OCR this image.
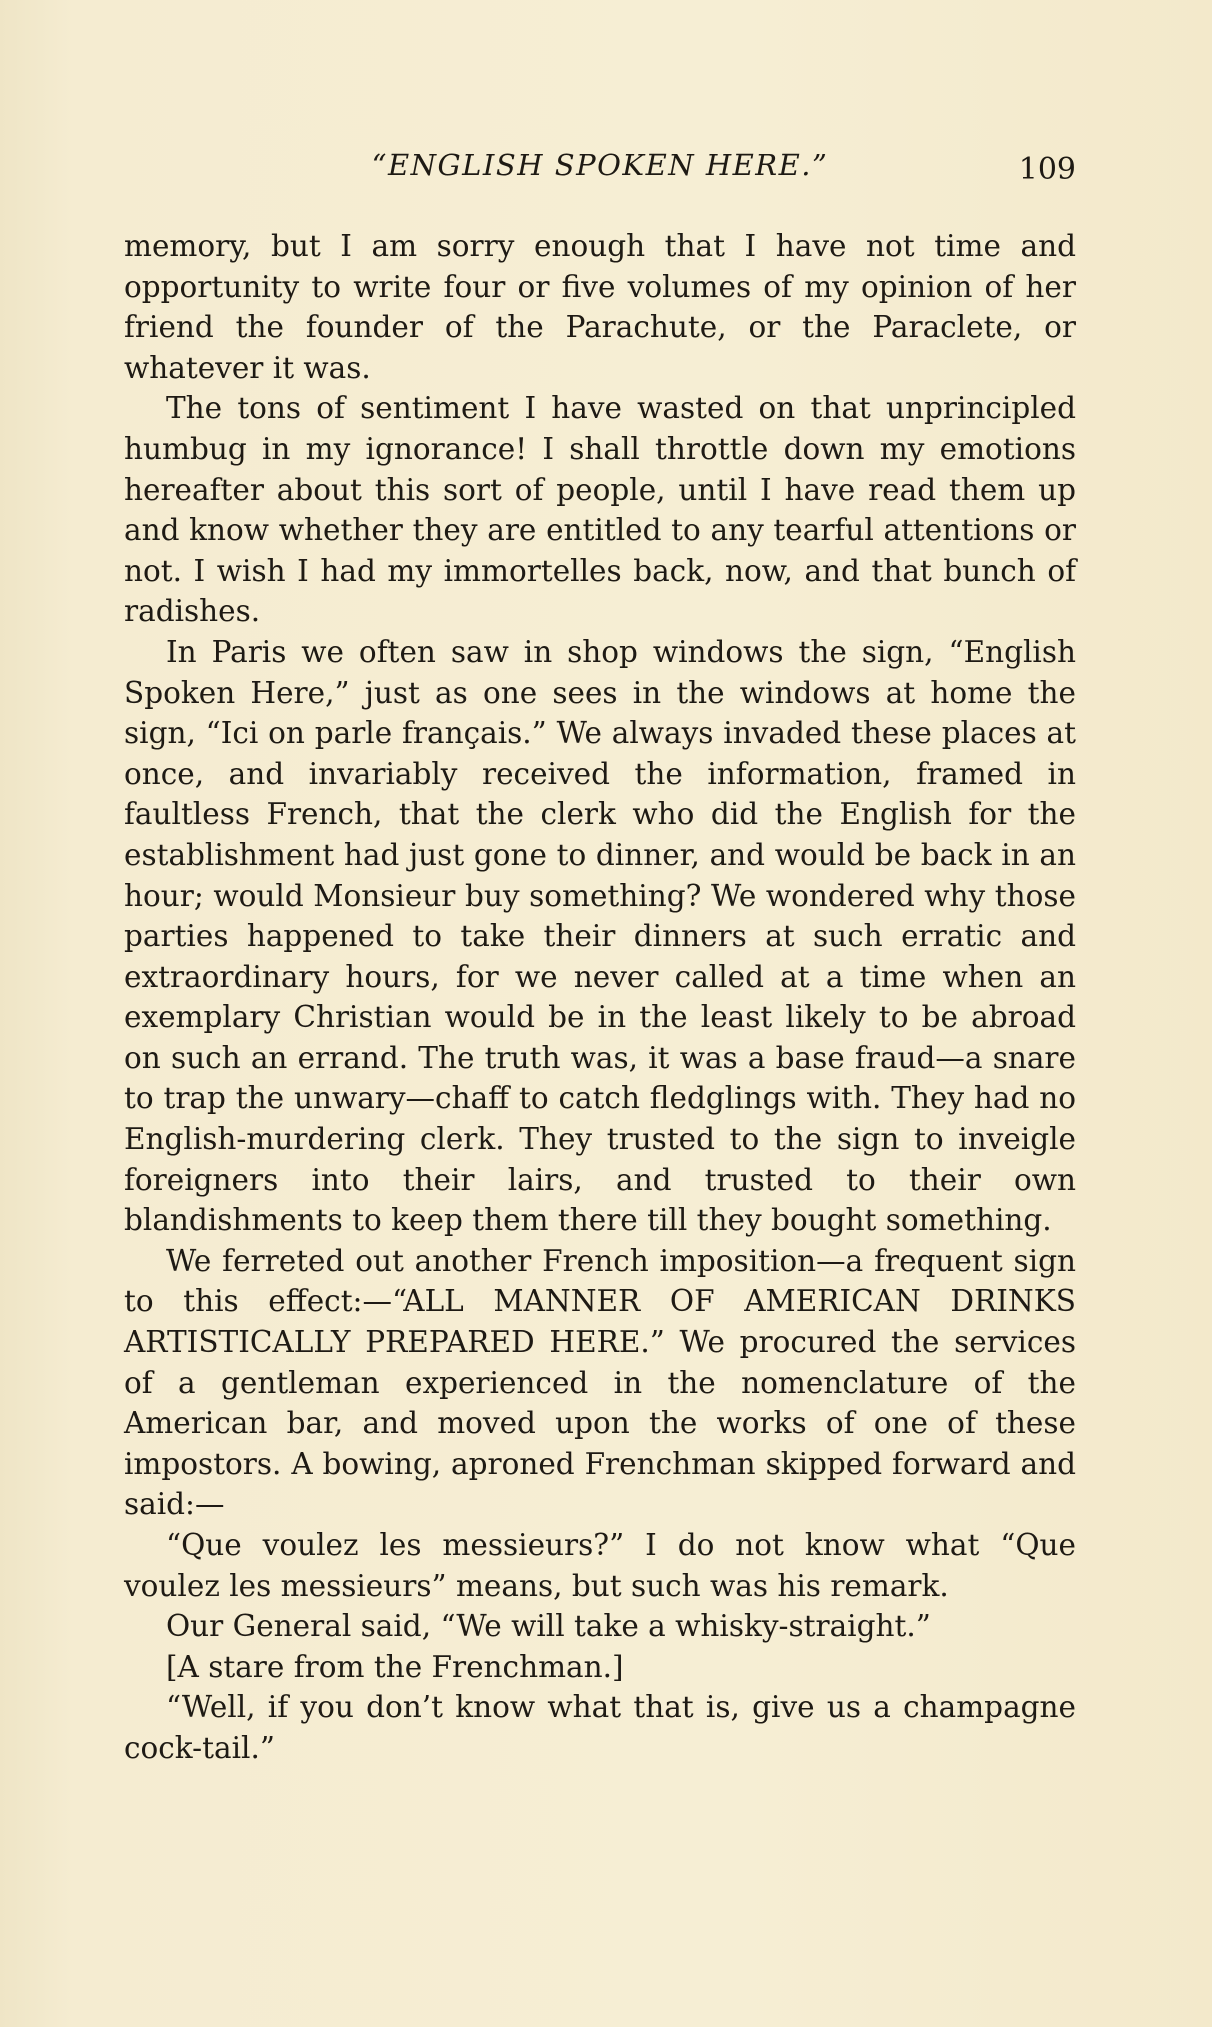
“ENGLISH SPOKEN HERE.”	109

memory, but I am sorry enough that I have not time and opportunity to write four or five volumes of my opinion of her friend the founder of the Parachute, or the Paraclete, or whatever it was.

The tons of sentiment I have wasted on that unprincipled humbug in my ignorance! I shall throttle down my emotions hereafter about this sort of people, until I have read them up and know whether they are entitled to any tearful attentions or not. I wish I had my immortelles back, now, and that bunch of radishes.

In Paris we often saw in shop windows the sign, “English Spoken Here,” just as one sees in the windows at home the sign, “Ici on parle français.” We always invaded these places at once, and invariably received the information, framed in faultless French, that the clerk who did the English for the establishment had just gone to dinner, and would be back in an hour; would Monsieur buy something? We wondered why those parties happened to take their dinners at such erratic and extraordinary hours, for we never called at a time when an exemplary Christian would be in the least likely to be abroad on such an errand. The truth was, it was a base fraud—a snare to trap the unwary—chaff to catch fledglings with. They had no English-murdering clerk. They trusted to the sign to inveigle foreigners into their lairs, and trusted to their own blandishments to keep them there till they bought something.

We ferreted out another French imposition—a frequent sign to this effect:—“ALL MANNER OF AMERICAN DRINKS ARTISTICALLY PREPARED HERE.” We procured the services of a gentleman experienced in the nomenclature of the American bar, and moved upon the works of one of these impostors. A bowing, aproned Frenchman skipped forward and said:—

“Que voulez les messieurs?” I do not know what “Que voulez les messieurs” means, but such was his remark.

Our General said, “We will take a whisky-straight.”

[A stare from the Frenchman.]

“Well, if you don’t know what that is, give us a champagne cock-tail.”
